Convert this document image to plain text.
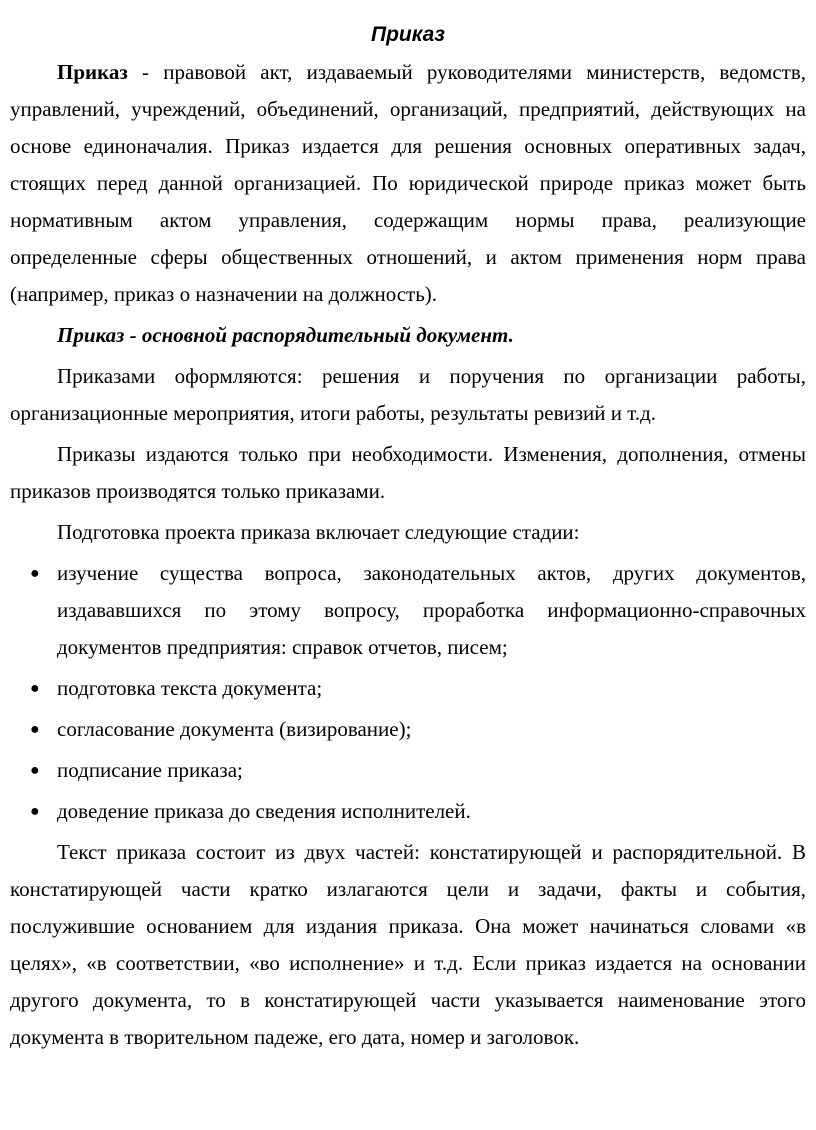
Приказ

Приказ - правовой акт, издаваемый руководителями министерств, ведомств, управлений, учреждений, объединений, организаций, предприятий, действующих на основе единоначалия. Приказ издается для решения основных оперативных задач, стоящих перед данной организацией. По юридической природе приказ может быть нормативным актом управления, содержащим нормы права, реализующие определенные сферы общественных отношений, и актом применения норм права (например, приказ о назначении на должность).

Приказ - основной распорядительный документ.

Приказами оформляются: решения и поручения по организации работы, организационные мероприятия, итоги работы, результаты ревизий и т.д.

Приказы издаются только при необходимости. Изменения, дополнения, отмены приказов производятся только приказами.

Подготовка проекта приказа включает следующие стадии:

● изучение существа вопроса, законодательных актов, других документов, издававшихся по этому вопросу, проработка информационно-справочных документов предприятия: справок отчетов, писем;
● подготовка текста документа;
● согласование документа (визирование);
● подписание приказа;
● доведение приказа до сведения исполнителей.

Текст приказа состоит из двух частей: констатирующей и распорядительной. В констатирующей части кратко излагаются цели и задачи, факты и события, послужившие основанием для издания приказа. Она может начинаться словами «в целях», «в соответствии, «во исполнение» и т.д. Если приказ издается на основании другого документа, то в констатирующей части указывается наименование этого документа в творительном падеже, его дата, номер и заголовок.
